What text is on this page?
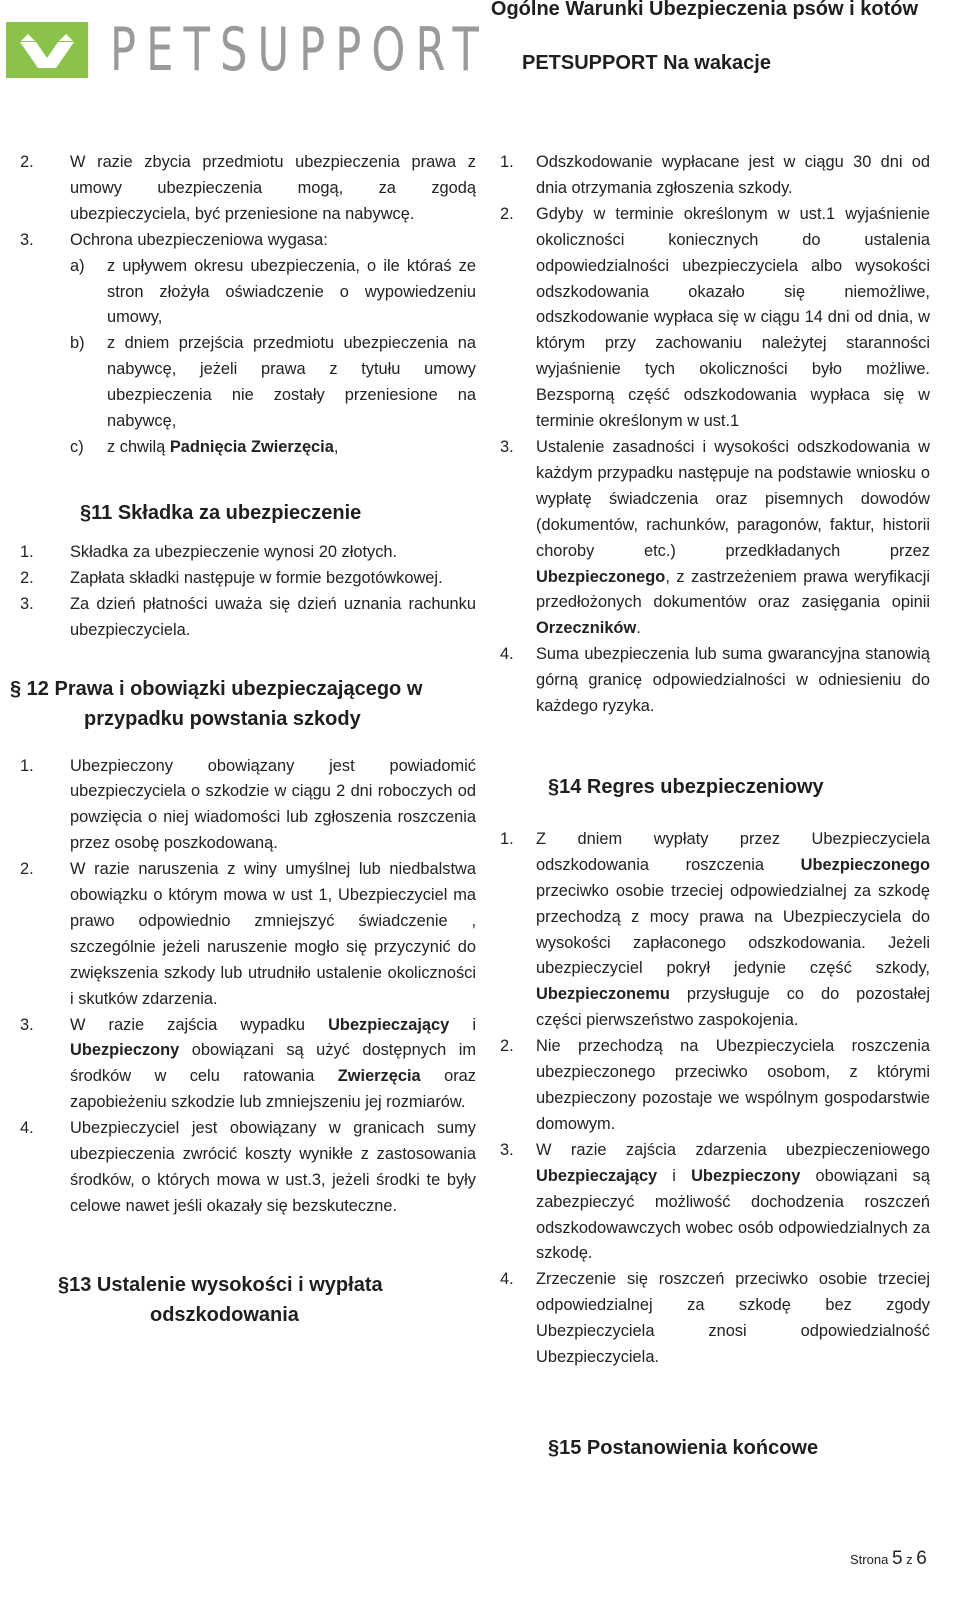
PETSUPPORT
Ogólne Warunki Ubezpieczenia psów i kotów
PETSUPPORT Na wakacje
2.	W razie zbycia przedmiotu ubezpieczenia prawa z umowy ubezpieczenia mogą, za zgodą ubezpieczyciela, być przeniesione na nabywcę.
3.	Ochrona ubezpieczeniowa wygasa:
a)	z upływem okresu ubezpieczenia, o ile któraś ze stron złożyła oświadczenie o wypowiedzeniu umowy,
b)	z dniem przejścia przedmiotu ubezpieczenia na nabywcę, jeżeli prawa z tytułu umowy ubezpieczenia nie zostały przeniesione na nabywcę,
c)	z chwilą Padnięcia Zwierzęcia,
§11 Składka za ubezpieczenie
1.	Składka za ubezpieczenie wynosi 20 złotych.
2.	Zapłata składki następuje w formie bezgotówkowej.
3.	Za dzień płatności uważa się dzień uznania rachunku ubezpieczyciela.
§ 12 Prawa i obowiązki ubezpieczającego w
przypadku powstania szkody
1.	Ubezpieczony obowiązany jest powiadomić ubezpieczyciela o szkodzie w ciągu 2 dni roboczych od powzięcia o niej wiadomości lub zgłoszenia roszczenia przez osobę poszkodowaną.
2.	W razie naruszenia z winy umyślnej lub niedbalstwa obowiązku o którym mowa w ust 1, Ubezpieczyciel ma prawo odpowiednio zmniejszyć świadczenie , szczególnie jeżeli naruszenie mogło się przyczynić do zwiększenia szkody lub utrudniło ustalenie okoliczności i skutków zdarzenia.
3.	W razie zajścia wypadku Ubezpieczający i Ubezpieczony obowiązani są użyć dostępnych im środków w celu ratowania Zwierzęcia oraz zapobieżeniu szkodzie lub zmniejszeniu jej rozmiarów.
4.	Ubezpieczyciel jest obowiązany w granicach sumy ubezpieczenia zwrócić koszty wynikłe z zastosowania środków, o których mowa w ust.3, jeżeli środki te były celowe nawet jeśli okazały się bezskuteczne.
§13 Ustalenie wysokości i wypłata
odszkodowania
1.	Odszkodowanie wypłacane jest w ciągu 30 dni od dnia otrzymania zgłoszenia szkody.
2.	Gdyby w terminie określonym w ust.1 wyjaśnienie okoliczności koniecznych do ustalenia odpowiedzialności ubezpieczyciela albo wysokości odszkodowania okazało się niemożliwe, odszkodowanie wypłaca się w ciągu 14 dni od dnia, w którym przy zachowaniu należytej staranności wyjaśnienie tych okoliczności było możliwe. Bezsporną część odszkodowania wypłaca się w terminie określonym w ust.1
3.	Ustalenie zasadności i wysokości odszkodowania w każdym przypadku następuje na podstawie wniosku o wypłatę świadczenia oraz pisemnych dowodów (dokumentów, rachunków, paragonów, faktur, historii choroby etc.) przedkładanych przez Ubezpieczonego, z zastrzeżeniem prawa weryfikacji przedłożonych dokumentów oraz zasięgania opinii Orzeczników.
4.	Suma ubezpieczenia lub suma gwarancyjna stanowią górną granicę odpowiedzialności w odniesieniu do każdego ryzyka.
§14 Regres ubezpieczeniowy
1.	Z dniem wypłaty przez Ubezpieczyciela odszkodowania roszczenia Ubezpieczonego przeciwko osobie trzeciej odpowiedzialnej za szkodę przechodzą z mocy prawa na Ubezpieczyciela do wysokości zapłaconego odszkodowania. Jeżeli ubezpieczyciel pokrył jedynie część szkody, Ubezpieczonemu przysługuje co do pozostałej części pierwszeństwo zaspokojenia.
2.	Nie przechodzą na Ubezpieczyciela roszczenia ubezpieczonego przeciwko osobom, z którymi ubezpieczony pozostaje we wspólnym gospodarstwie domowym.
3.	W razie zajścia zdarzenia ubezpieczeniowego Ubezpieczający i Ubezpieczony obowiązani są zabezpieczyć możliwość dochodzenia roszczeń odszkodowawczych wobec osób odpowiedzialnych za szkodę.
4.	Zrzeczenie się roszczeń przeciwko osobie trzeciej odpowiedzialnej za szkodę bez zgody Ubezpieczyciela znosi odpowiedzialność Ubezpieczyciela.
§15 Postanowienia końcowe
Strona 5 z 6
